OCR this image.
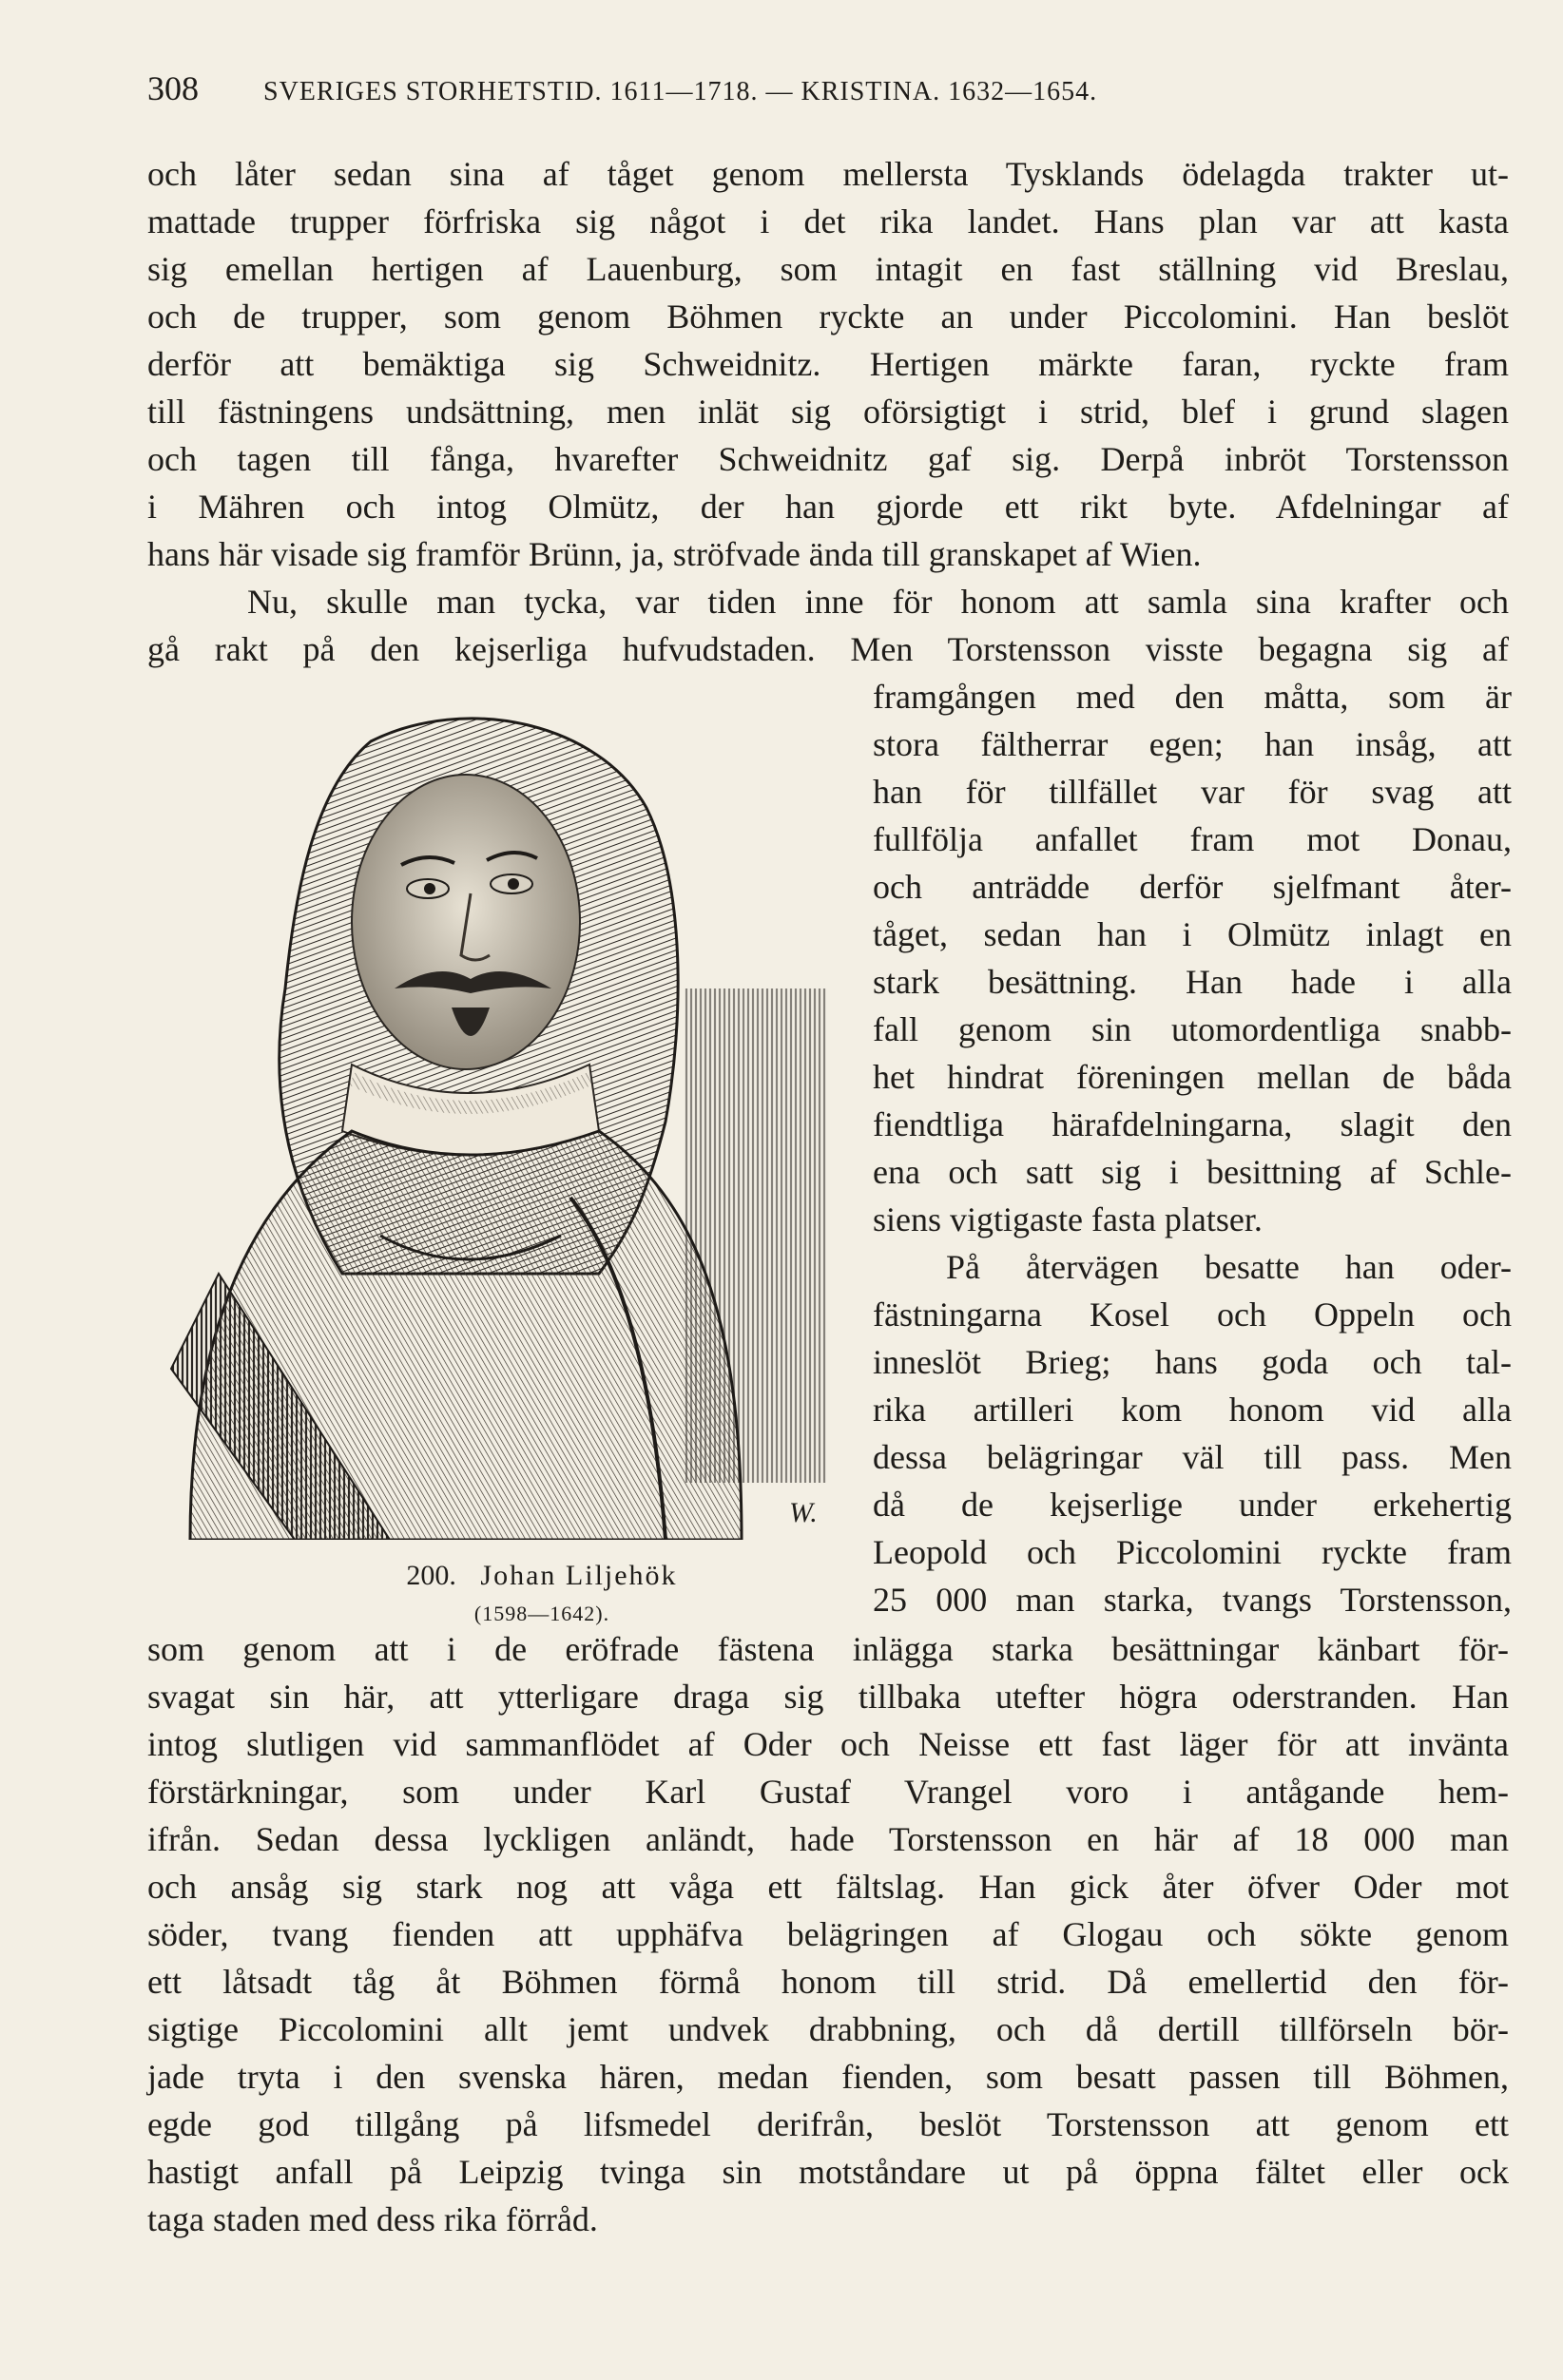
308 SVERIGES STORHETSTID. 1611—1718. — KRISTINA. 1632—1654.
och låter sedan sina af tåget genom mellersta Tysklands ödelagda trakter ut-
mattade trupper förfriska sig något i det rika landet. Hans plan var att kasta
sig emellan hertigen af Lauenburg, som intagit en fast ställning vid Breslau,
och de trupper, som genom Böhmen ryckte an under Piccolomini. Han beslöt
derför att bemäktiga sig Schweidnitz. Hertigen märkte faran, ryckte fram
till fästningens undsättning, men inlät sig oförsigtigt i strid, blef i grund slagen
och tagen till fånga, hvarefter Schweidnitz gaf sig. Derpå inbröt Torstensson
i Mähren och intog Olmütz, der han gjorde ett rikt byte. Afdelningar af
hans här visade sig framför Brünn, ja, ströfvade ända till granskapet af Wien.
Nu, skulle man tycka, var tiden inne för honom att samla sina krafter och
gå rakt på den kejserliga hufvudstaden. Men Torstensson visste begagna sig af
W.
200. Johan Liljehök
(1598—1642).
framgången med den måtta, som är
stora fältherrar egen; han insåg, att
han för tillfället var för svag att
fullfölja anfallet fram mot Donau,
och anträdde derför sjelfmant åter-
tåget, sedan han i Olmütz inlagt en
stark besättning. Han hade i alla
fall genom sin utomordentliga snabb-
het hindrat föreningen mellan de båda
fiendtliga härafdelningarna, slagit den
ena och satt sig i besittning af Schle-
siens vigtigaste fasta platser.
På återvägen besatte han oder-
fästningarna Kosel och Oppeln och
inneslöt Brieg; hans goda och tal-
rika artilleri kom honom vid alla
dessa belägringar väl till pass. Men
då de kejserlige under erkehertig
Leopold och Piccolomini ryckte fram
25 000 man starka, tvangs Torstensson,
som genom att i de eröfrade fästena inlägga starka besättningar känbart för-
svagat sin här, att ytterligare draga sig tillbaka utefter högra oderstranden. Han
intog slutligen vid sammanflödet af Oder och Neisse ett fast läger för att invänta
förstärkningar, som under Karl Gustaf Vrangel voro i antågande hem-
ifrån. Sedan dessa lyckligen anländt, hade Torstensson en här af 18 000 man
och ansåg sig stark nog att våga ett fältslag. Han gick åter öfver Oder mot
söder, tvang fienden att upphäfva belägringen af Glogau och sökte genom
ett låtsadt tåg åt Böhmen förmå honom till strid. Då emellertid den för-
sigtige Piccolomini allt jemt undvek drabbning, och då dertill tillförseln bör-
jade tryta i den svenska hären, medan fienden, som besatt passen till Böhmen,
egde god tillgång på lifsmedel derifrån, beslöt Torstensson att genom ett
hastigt anfall på Leipzig tvinga sin motståndare ut på öppna fältet eller ock
taga staden med dess rika förråd.
